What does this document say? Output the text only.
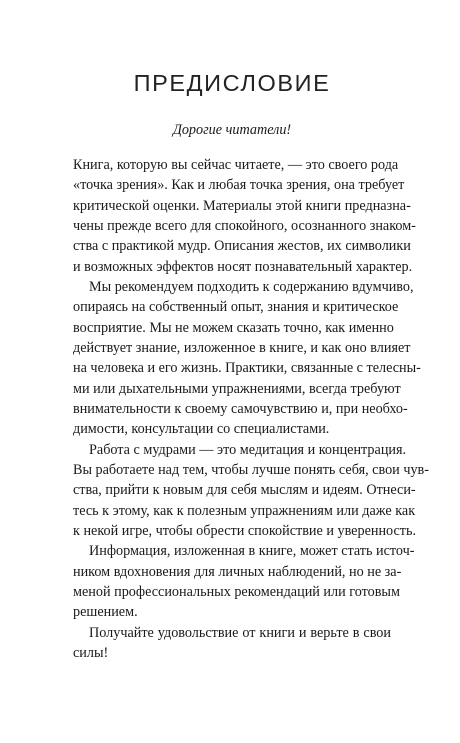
ПРЕДИСЛОВИЕ

Дорогие читатели!

Книга, которую вы сейчас читаете, — это своего рода
«точка зрения». Как и любая точка зрения, она требует
критической оценки. Материалы этой книги предназна-
чены прежде всего для спокойного, осознанного знаком-
ства с практикой мудр. Описания жестов, их символики
и возможных эффектов носят познавательный характер.
Мы рекомендуем подходить к содержанию вдумчиво,
опираясь на собственный опыт, знания и критическое
восприятие. Мы не можем сказать точно, как именно
действует знание, изложенное в книге, и как оно влияет
на человека и его жизнь. Практики, связанные с телесны-
ми или дыхательными упражнениями, всегда требуют
внимательности к своему самочувствию и, при необхо-
димости, консультации со специалистами.
Работа с мудрами — это медитация и концентрация.
Вы работаете над тем, чтобы лучше понять себя, свои чув-
ства, прийти к новым для себя мыслям и идеям. Отнеси-
тесь к этому, как к полезным упражнениям или даже как
к некой игре, чтобы обрести спокойствие и уверенность.
Информация, изложенная в книге, может стать источ-
ником вдохновения для личных наблюдений, но не за-
меной профессиональных рекомендаций или готовым
решением.
Получайте удовольствие от книги и верьте в свои
силы!
